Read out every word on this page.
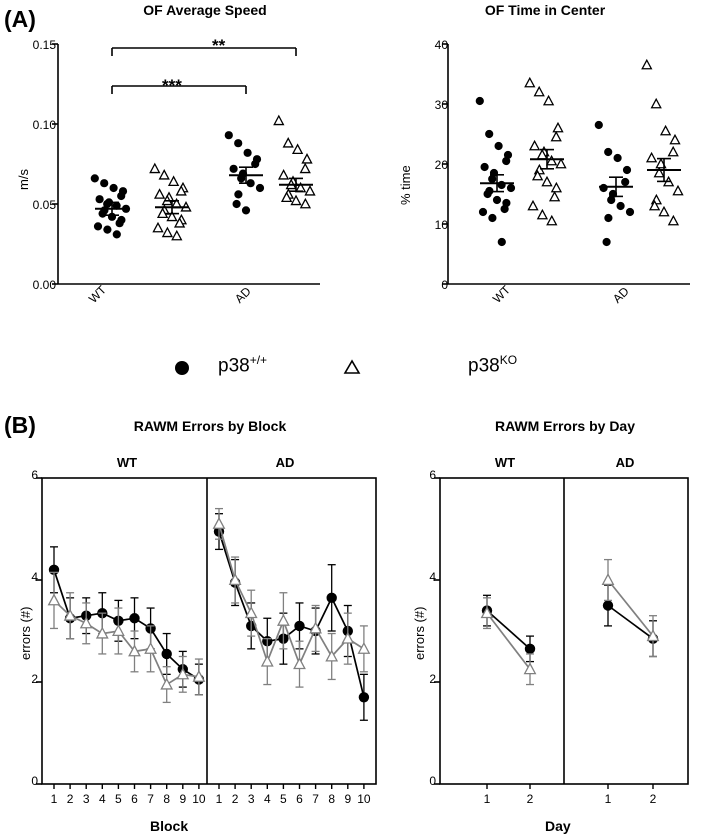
(A)	OF Average Speed	OF Time in Center
m/s	% time
0.15
0.10
0.05
0.00
40
30
20
10
0
WT	AD	WT	AD
***
**
p38+/+	$p38^{KO}$
(B)	RAWM Errors by Block	RAWM Errors by Day
WT	AD	WT	AD
errors (#)	errors (#)
6
4
2
0
6
4
2
0
1 2 3 4 5 6 7 8 9 10 1 2 3 4 5 6 7 8 9 10	1	2	1	2
Block	Day
